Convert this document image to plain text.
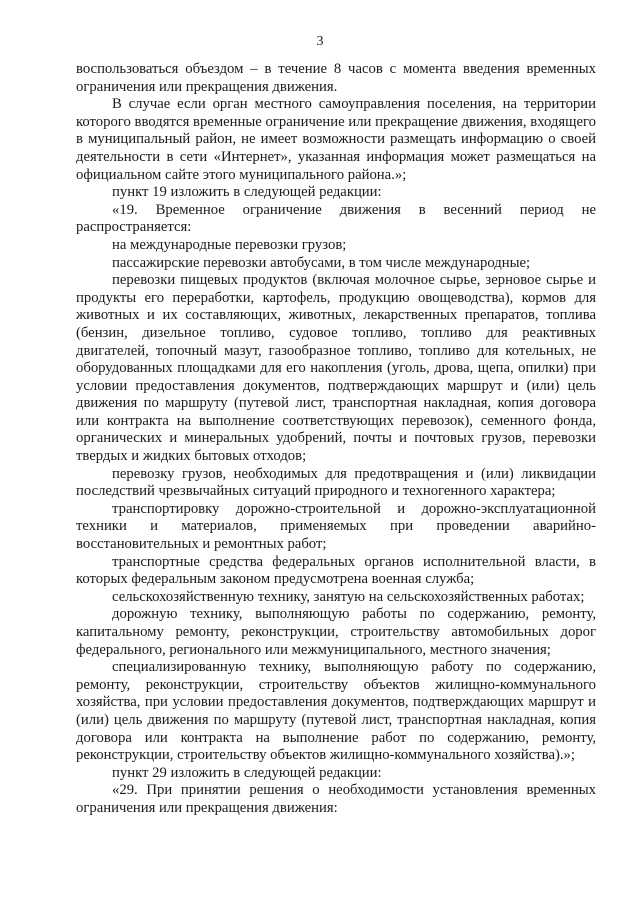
3

воспользоваться объездом – в течение 8 часов с момента введения временных ограничения или прекращения движения.

В случае если орган местного самоуправления поселения, на территории которого вводятся временные ограничение или прекращение движения, входящего в муниципальный район, не имеет возможности размещать информацию о своей деятельности в сети «Интернет», указанная информация может размещаться на официальном сайте этого муниципального района.»;

пункт 19 изложить в следующей редакции:

«19. Временное ограничение движения в весенний период не распространяется:

на международные перевозки грузов;

пассажирские перевозки автобусами, в том числе международные;

перевозки пищевых продуктов (включая молочное сырье, зерновое сырье и продукты его переработки, картофель, продукцию овощеводства), кормов для животных и их составляющих, животных, лекарственных препаратов, топлива (бензин, дизельное топливо, судовое топливо, топливо для реактивных двигателей, топочный мазут, газообразное топливо, топливо для котельных, не оборудованных площадками для его накопления (уголь, дрова, щепа, опилки) при условии предоставления документов, подтверждающих маршрут и (или) цель движения по маршруту (путевой лист, транспортная накладная, копия договора или контракта на выполнение соответствующих перевозок), семенного фонда, органических и минеральных удобрений, почты и почтовых грузов, перевозки твердых и жидких бытовых отходов;

перевозку грузов, необходимых для предотвращения и (или) ликвидации последствий чрезвычайных ситуаций природного и техногенного характера;

транспортировку дорожно-строительной и дорожно-эксплуатационной техники и материалов, применяемых при проведении аварийно-восстановительных и ремонтных работ;

транспортные средства федеральных органов исполнительной власти, в которых федеральным законом предусмотрена военная служба;

сельскохозяйственную технику, занятую на сельскохозяйственных работах;

дорожную технику, выполняющую работы по содержанию, ремонту, капитальному ремонту, реконструкции, строительству автомобильных дорог федерального, регионального или межмуниципального, местного значения;

специализированную технику, выполняющую работу по содержанию, ремонту, реконструкции, строительству объектов жилищно-коммунального хозяйства, при условии предоставления документов, подтверждающих маршрут и (или) цель движения по маршруту (путевой лист, транспортная накладная, копия договора или контракта на выполнение работ по содержанию, ремонту, реконструкции, строительству объектов жилищно-коммунального хозяйства).»;

пункт 29 изложить в следующей редакции:

«29. При принятии решения о необходимости установления временных ограничения или прекращения движения:
